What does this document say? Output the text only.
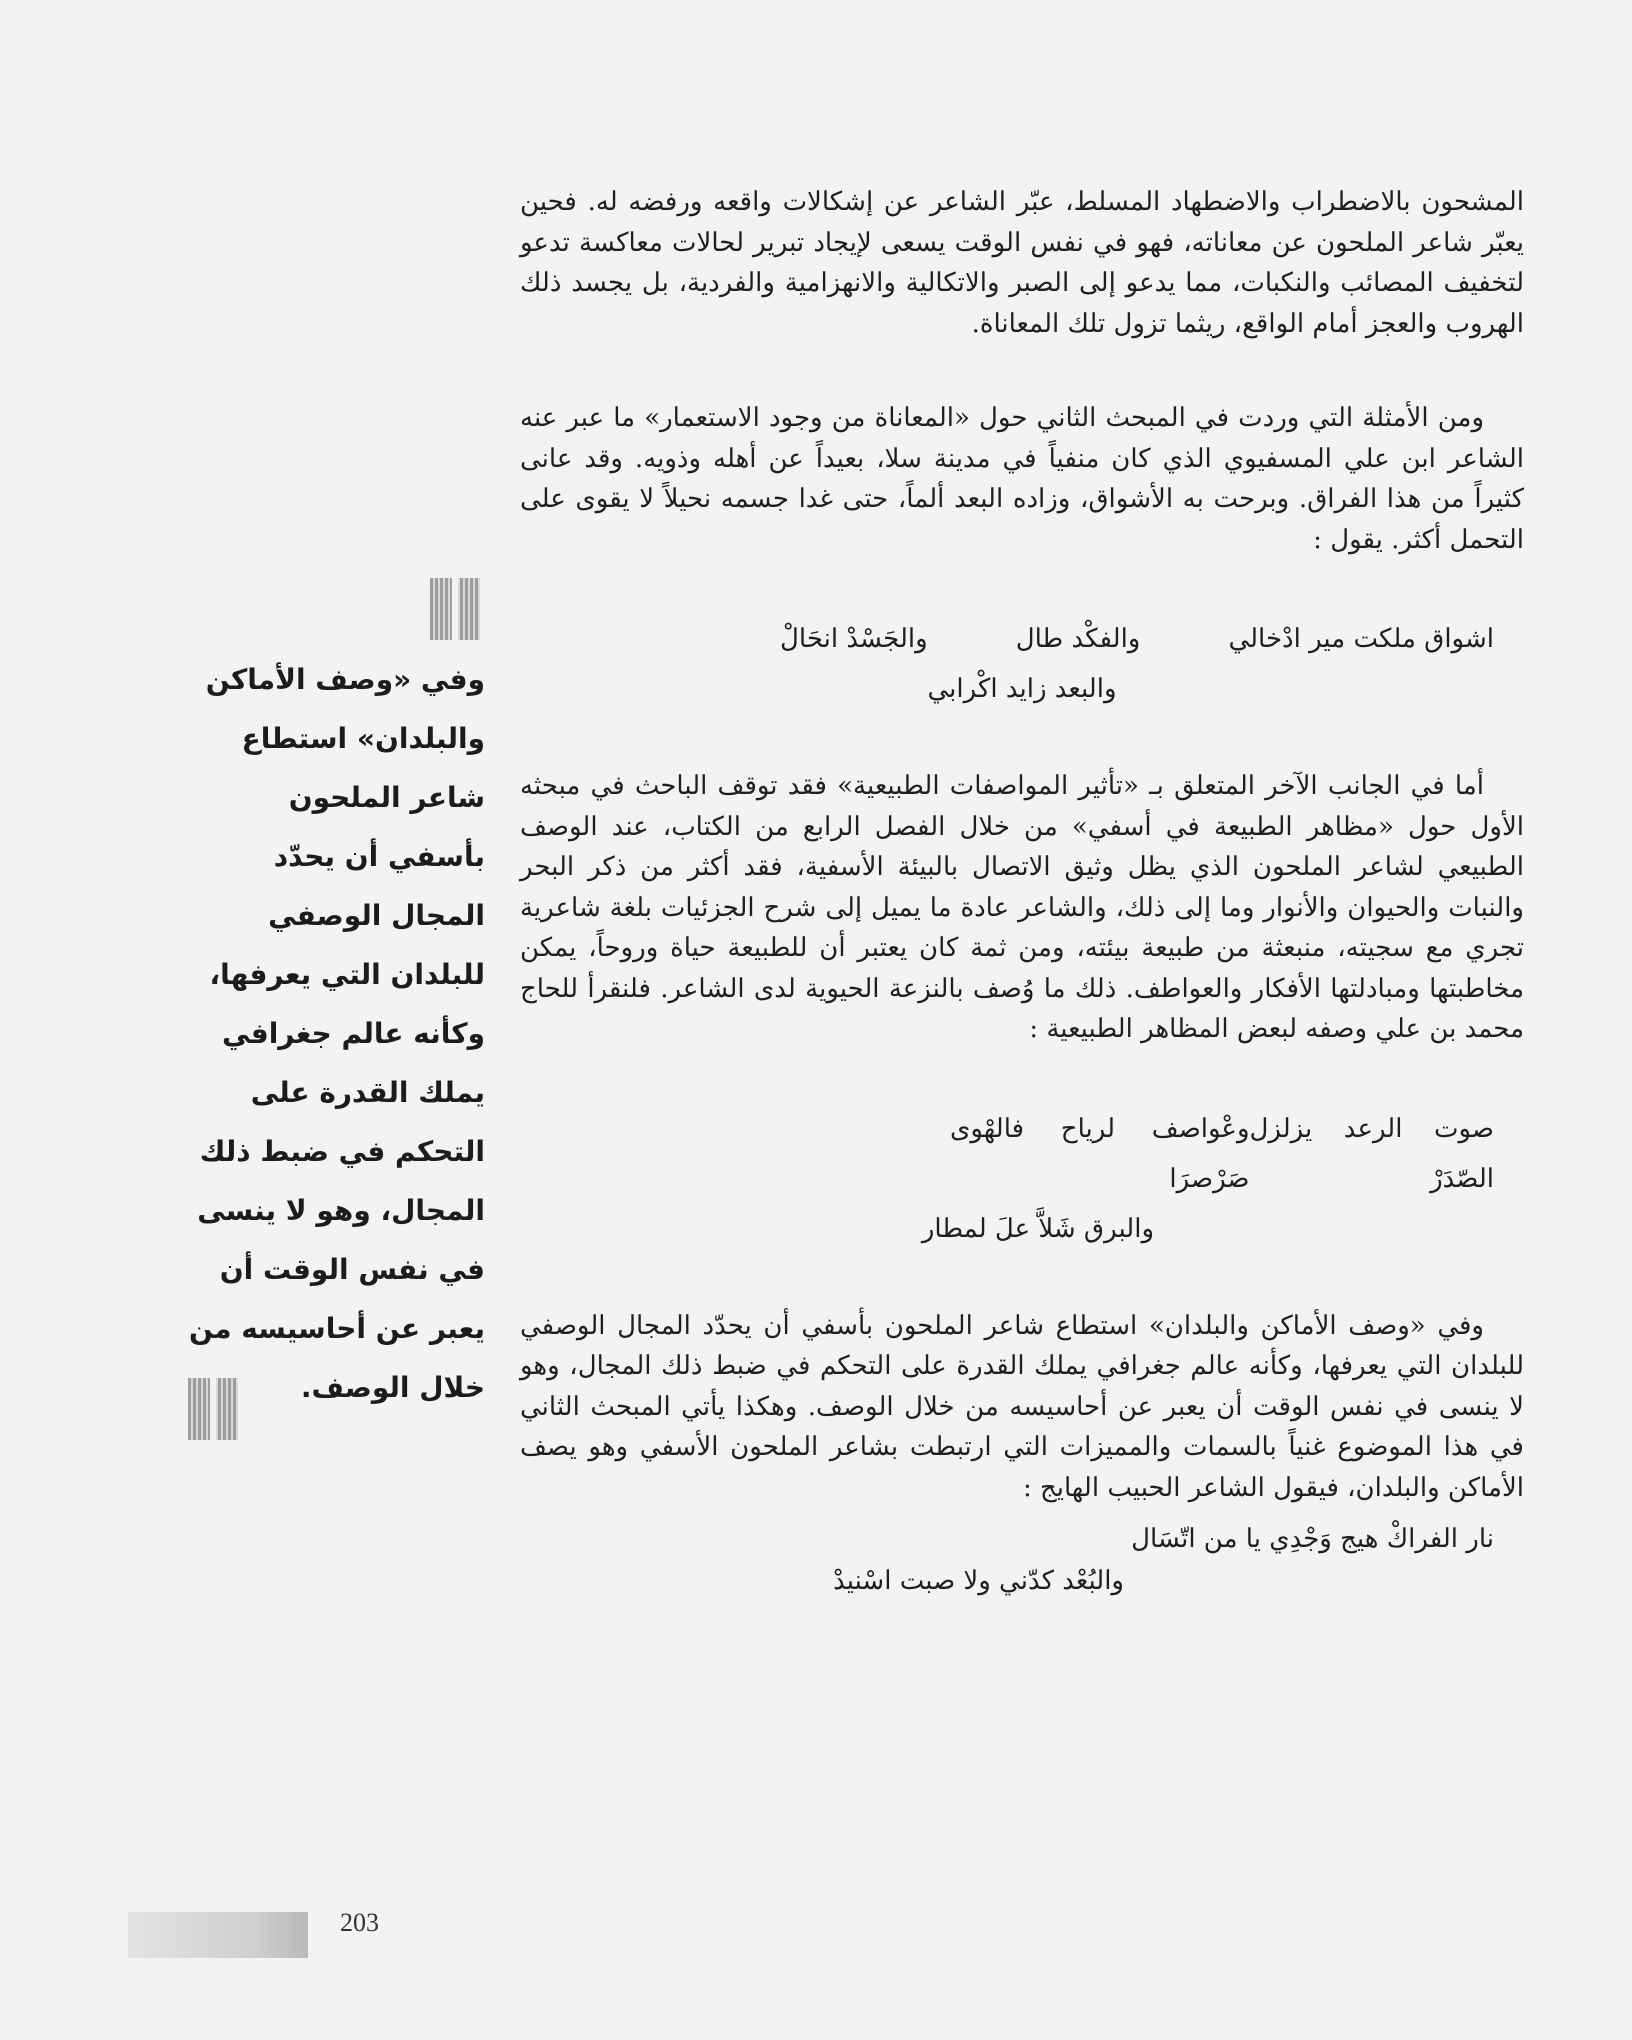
المشحون بالاضطراب والاضطهاد المسلط، عبّر الشاعر عن إشكالات واقعه ورفضه له. فحين يعبّر شاعر الملحون عن معاناته، فهو في نفس الوقت يسعى لإيجاد تبرير لحالات معاكسة تدعو لتخفيف المصائب والنكبات، مما يدعو إلى الصبر والاتكالية والانهزامية والفردية، بل يجسد ذلك الهروب والعجز أمام الواقع، ريثما تزول تلك المعاناة.

ومن الأمثلة التي وردت في المبحث الثاني حول «المعاناة من وجود الاستعمار» ما عبر عنه الشاعر ابن علي المسفيوي الذي كان منفياً في مدينة سلا، بعيداً عن أهله وذويه. وقد عانى كثيراً من هذا الفراق. وبرحت به الأشواق، وزاده البعد ألماً، حتى غدا جسمه نحيلاً لا يقوى على التحمل أكثر. يقول :

اشواق ملكت مير ادْخالي
والفكْد طال
والجَسْدْ انحَالْ
والبعد زايد اكْرابي

أما في الجانب الآخر المتعلق بـ «تأثير المواصفات الطبيعية» فقد توقف الباحث في مبحثه الأول حول «مظاهر الطبيعة في أسفي» من خلال الفصل الرابع من الكتاب، عند الوصف الطبيعي لشاعر الملحون الذي يظل وثيق الاتصال بالبيئة الأسفية، فقد أكثر من ذكر البحر والنبات والحيوان والأنوار وما إلى ذلك، والشاعر عادة ما يميل إلى شرح الجزئيات بلغة شاعرية تجري مع سجيته، منبعثة من طبيعة بيئته، ومن ثمة كان يعتبر أن للطبيعة حياة وروحاً، يمكن مخاطبتها ومبادلتها الأفكار والعواطف. ذلك ما وُصف بالنزعة الحيوية لدى الشاعر. فلنقرأ للحاج محمد بن علي وصفه لبعض المظاهر الطبيعية :

صوت الرعد يزلزل الصّدَرْ
وعْواصف لرياح فالهْوى صَرْصرَا
والبرق شَلاَّ علَ لمطار

وفي «وصف الأماكن والبلدان» استطاع شاعر الملحون بأسفي أن يحدّد المجال الوصفي للبلدان التي يعرفها، وكأنه عالم جغرافي يملك القدرة على التحكم في ضبط ذلك المجال، وهو لا ينسى في نفس الوقت أن يعبر عن أحاسيسه من خلال الوصف. وهكذا يأتي المبحث الثاني في هذا الموضوع غنياً بالسمات والمميزات التي ارتبطت بشاعر الملحون الأسفي وهو يصف الأماكن والبلدان، فيقول الشاعر الحبيب الهايج :

نار الفراكْ هيج وَجْدِي يا من اتّسَال
والبُعْد كدّني ولا صبت اسْنيدْ
وفي «وصف الأماكن والبلدان» استطاع شاعر الملحون بأسفي أن يحدّد المجال الوصفي للبلدان التي يعرفها، وكأنه عالم جغرافي يملك القدرة على التحكم في ضبط ذلك المجال، وهو لا ينسى في نفس الوقت أن يعبر عن أحاسيسه من خلال الوصف.
203
